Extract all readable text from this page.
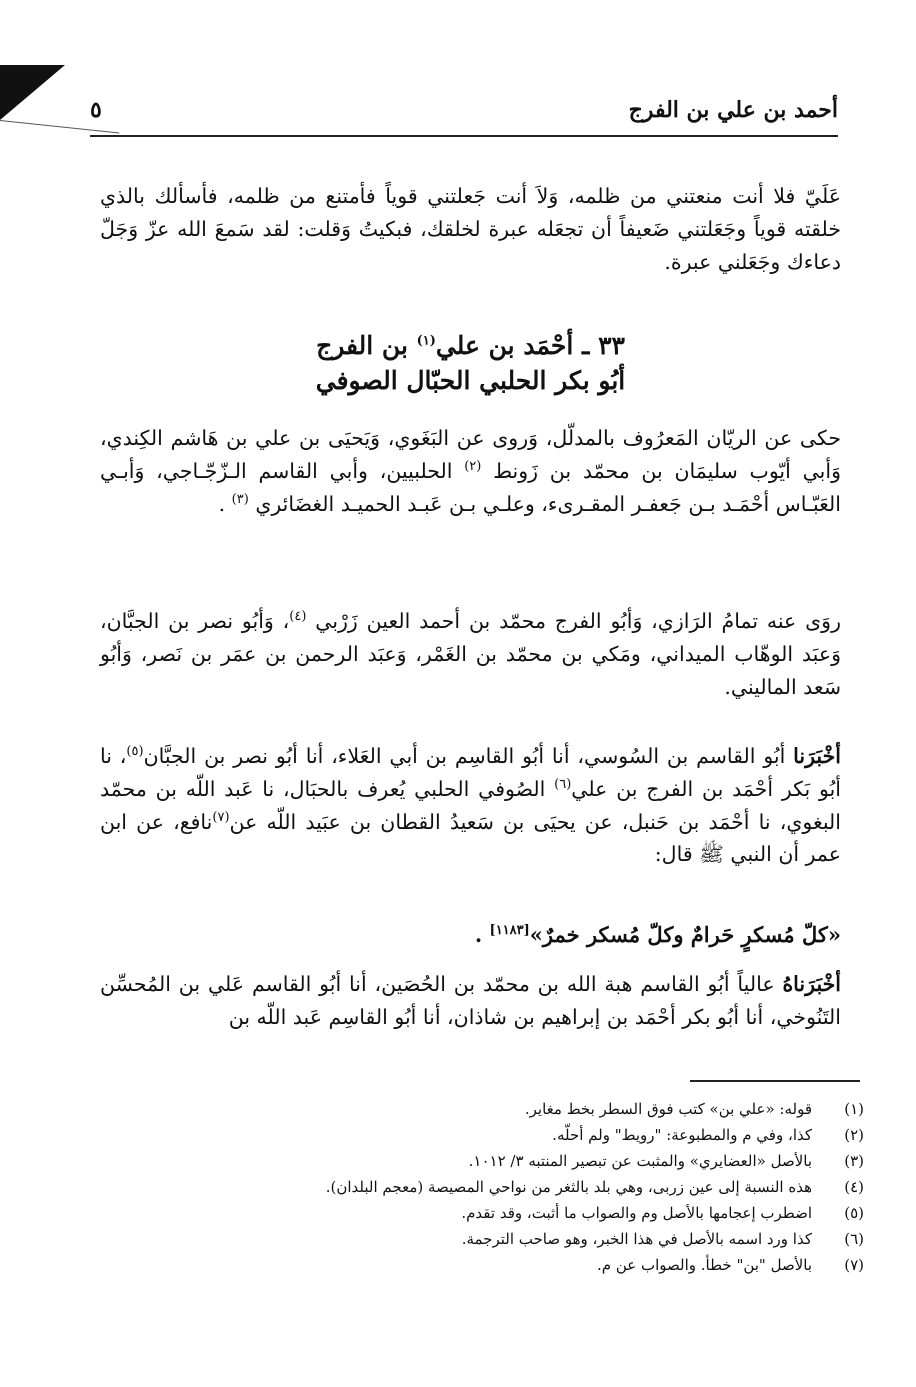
أحمد بن علي بن الفرج
٥

عَلَيّ فلا أنت منعتني من ظلمه، وَلاَ أنت جَعلتني قوياً فأمتنع من ظلمه، فأسألك بالذي خلقته قوياً وجَعَلتني ضَعيفاً أن تجعَله عبرة لخلقك، فبكيتُ وَقلت: لقد سَمعَ الله عزّ وَجَلّ دعاءك وجَعَلني عبرة.

٣٣ ـ أحْمَد بن علي$^{(١)}$ بن الفرج
أبُو بكر الحلبي الحبّال الصوفي

حكى عن الريّان المَعرُوف بالمدلّل، وَروى عن البَغَوي، وَيَحيَى بن علي بن هَاشم الكِندي، وَأبي أيّوب سليمَان بن محمّد بن زَونط $^{(٢)}$ الحلبيين، وأبي القاسم الـزّجّـاجي، وَأبـي العَبّـاس أحْمَـد بـن جَعفـر المقـرىء، وعلـي بـن عَبـد الحميـد الغضَائري $^{(٣)}$ .

روَى عنه تمامُ الرَازي، وَأبُو الفرج محمّد بن أحمد العين زَرْبي $^{(٤)}$، وَأبُو نصر بن الجبَّان، وَعبَد الوهّاب الميداني، ومَكي بن محمّد بن الغَمْر، وَعبَد الرحمن بن عمَر بن نَصر، وَأبُو سَعد الماليني.

أخْبَرَنا أبُو القاسم بن السُوسي، أنا أبُو القاسِم بن أبي العَلاء، أنا أبُو نصر بن الجبَّان$^{(٥)}$، نا أبُو بَكر أحْمَد بن الفرج بن علي$^{(٦)}$ الصُوفي الحلبي يُعرف بالحبَال، نا عَبد اللّه بن محمّد البغوي، نا أحْمَد بن حَنبل، عن يحيَى بن سَعيدُ القطان بن عبَيد اللّه عن$^{(٧)}$نافع، عن ابن عمر أن النبي ﷺ قال:

«كلّ مُسكرٍ حَرامٌ وكلّ مُسكر خمرٌ»[١١٨٣] .

أخْبَرَناهُ عالياً أبُو القاسم هبة الله بن محمّد بن الحُصَين، أنا أبُو القاسم عَلي بن المُحسِّن التَنُوخي، أنا أبُو بكر أحْمَد بن إبراهيم بن شاذان، أنا أبُو القاسِم عَبد اللّه بن

(١)
قوله: «علي بن» كتب فوق السطر بخط مغاير.
(٢)
كذا، وفي م والمطبوعة: "رويط" ولم أحلّه.
(٣)
بالأصل «العضايري» والمثبت عن تبصير المنتبه ٣/ ١٠١٢.
(٤)
هذه النسبة إلى عين زربى، وهي بلد بالثغر من نواحي المصيصة (معجم البلدان).
(٥)
اضطرب إعجامها بالأصل وم والصواب ما أثبت، وقد تقدم.
(٦)
كذا ورد اسمه بالأصل في هذا الخبر، وهو صاحب الترجمة.
(٧)
بالأصل "بن" خطأ. والصواب عن م.
